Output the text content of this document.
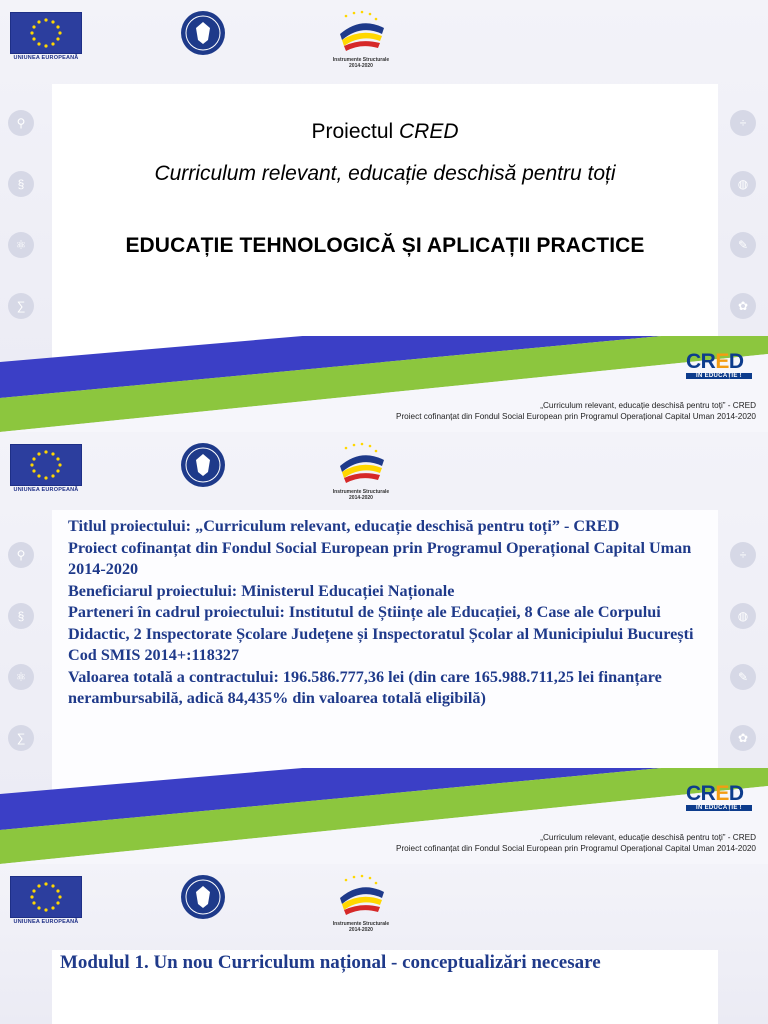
UNIUNEA EUROPEANĂ	Instrumente Structurale
2014-2020
⚲
§
⚛
∑
÷
◍
✎
✿
Proiectul CRED
Curriculum relevant, educație deschisă pentru toți
EDUCAȚIE TEHNOLOGICĂ ȘI APLICAȚII PRACTICE
CRED
ÎN EDUCAȚIE !
„Curriculum relevant, educație deschisă pentru toți” - CRED
Proiect cofinanțat din Fondul Social European prin Programul Operațional Capital Uman 2014-2020
UNIUNEA EUROPEANĂ	Instrumente Structurale
2014-2020
⚲
§
⚛
∑
÷
◍
✎
✿

Titlul proiectului: „Curriculum relevant, educație deschisă pentru toți” - CRED

Proiect cofinanțat din Fondul Social European prin Programul Operațional Capital Uman 2014-2020

Beneficiarul proiectului: Ministerul Educației Naționale

Parteneri în cadrul proiectului: Institutul de Științe ale Educației, 8 Case ale Corpului Didactic, 2 Inspectorate Școlare Județene și Inspectoratul Școlar al Municipiului București

Cod SMIS 2014+:118327

Valoarea totală a contractului: 196.586.777,36 lei (din care 165.988.711,25 lei finanțare nerambursabilă, adică 84,435% din valoarea totală eligibilă)

CRED
ÎN EDUCAȚIE !
„Curriculum relevant, educație deschisă pentru toți” - CRED
Proiect cofinanțat din Fondul Social European prin Programul Operațional Capital Uman 2014-2020
UNIUNEA EUROPEANĂ	Instrumente Structurale
2014-2020
Modulul 1. Un nou Curriculum național - conceptualizări necesare
